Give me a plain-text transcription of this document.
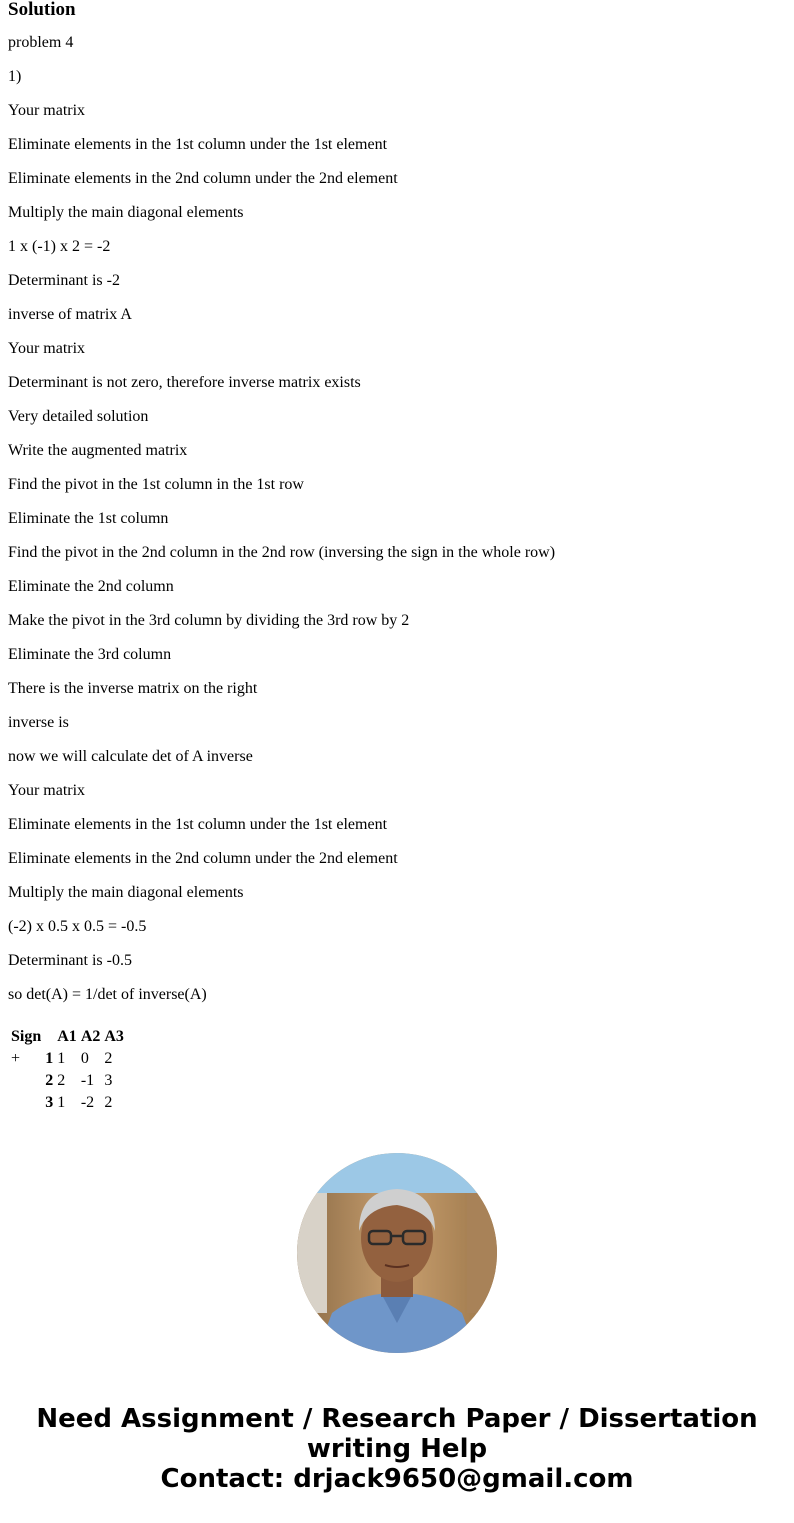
Solution
problem 4
1)
Your matrix
Eliminate elements in the 1st column under the 1st element
Eliminate elements in the 2nd column under the 2nd element
Multiply the main diagonal elements
1 x (-1) x 2 = -2
Determinant is -2
inverse of matrix A
Your matrix
Determinant is not zero, therefore inverse matrix exists
Very detailed solution
Write the augmented matrix
Find the pivot in the 1st column in the 1st row
Eliminate the 1st column
Find the pivot in the 2nd column in the 2nd row (inversing the sign in the whole row)
Eliminate the 2nd column
Make the pivot in the 3rd column by dividing the 3rd row by 2
Eliminate the 3rd column
There is the inverse matrix on the right
inverse is
now we will calculate det of A inverse
Your matrix
Eliminate elements in the 1st column under the 1st element
Eliminate elements in the 2nd column under the 2nd element
Multiply the main diagonal elements
(-2) x 0.5 x 0.5 = -0.5
Determinant is -0.5
so det(A) = 1/det of inverse(A)
Sign		A1	A2	A3
+	1	1	0	2
	2	2	-1	3
	3	1	-2	2
Need Assignment / Research Paper / Dissertation
writing Help
Contact: drjack9650@gmail.com
